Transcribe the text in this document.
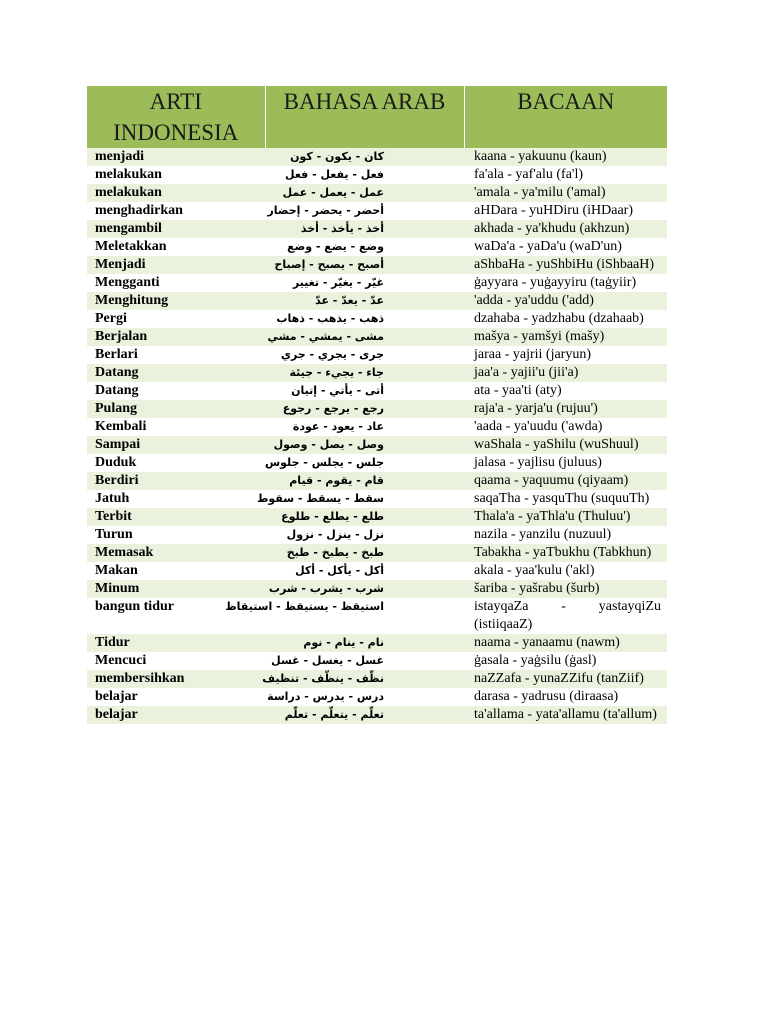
ARTI INDONESIA	BAHASA ARAB	BACAAN
menjadi	كان - يكون - كون	kaana - yakuunu (kaun)
melakukan	فعل - يفعل - فعل	fa'ala - yaf'alu (fa'l)
melakukan	عمل - يعمل - عمل	'amala - ya'milu ('amal)
menghadirkan	أحضر - يحضر - إحضار	aHDara - yuHDiru (iHDaar)
mengambil	أخذ - يأخذ - أخذ	akhada - ya'khudu (akhzun)
Meletakkan	وضع - يضع - وضع	waDa'a - yaDa'u (waD'un)
Menjadi	أصبح - يصبح - إصباح	aShbaHa - yuShbiHu (iShbaaH)
Mengganti	غيّر - يغيّر - تغيير	ġayyara - yuġayyiru (taġyiir)
Menghitung	عدّ - يعدّ - عدّ	'adda - ya'uddu ('add)
Pergi	ذهب - يذهب - ذهاب	dzahaba - yadzhabu (dzahaab)
Berjalan	مشى - يمشي - مشي	mašya - yamšyi (mašy)
Berlari	جرى - يجري - جري	jaraa - yajrii (jaryun)
Datang	جاء - يجيء - جيئة	jaa'a - yajii'u (jii'a)
Datang	أتى - يأتي - إتيان	ata - yaa'ti (aty)
Pulang	رجع - يرجع - رجوع	raja'a - yarja'u (rujuu')
Kembali	عاد - يعود - عودة	'aada - ya'uudu ('awda)
Sampai	وصل - يصل - وصول	waShala - yaShilu (wuShuul)
Duduk	جلس - يجلس - جلوس	jalasa - yajlisu (juluus)
Berdiri	قام - يقوم - قيام	qaama - yaquumu (qiyaam)
Jatuh	سقط - يسقط - سقوط	saqaTha - yasquThu (suquuTh)
Terbit	طلع - يطلع - طلوع	Thala'a - yaThla'u (Thuluu')
Turun	نزل - ينزل - نزول	nazila - yanzilu (nuzuul)
Memasak	طبخ - يطبخ - طبخ	Tabakha - yaTbukhu (Tabkhun)
Makan	أكل - يأكل - أكل	akala - yaa'kulu ('akl)
Minum	شرب - يشرب - شرب	šariba - yašrabu (šurb)
bangun tidur	استيقظ - يستيقظ - استيقاظ	istayqaZa - yastayqiZu (istiiqaaZ)
Tidur	نام - ينام - نوم	naama - yanaamu (nawm)
Mencuci	غسل - يغسل - غسل	ġasala - yaġsilu (ġasl)
membersihkan	نظّف - ينظّف - تنظيف	naZZafa - yunaZZifu (tanZiif)
belajar	درس - يدرس - دراسة	darasa - yadrusu (diraasa)
belajar	تعلّم - يتعلّم - تعلّم	ta'allama - yata'allamu (ta'allum)
